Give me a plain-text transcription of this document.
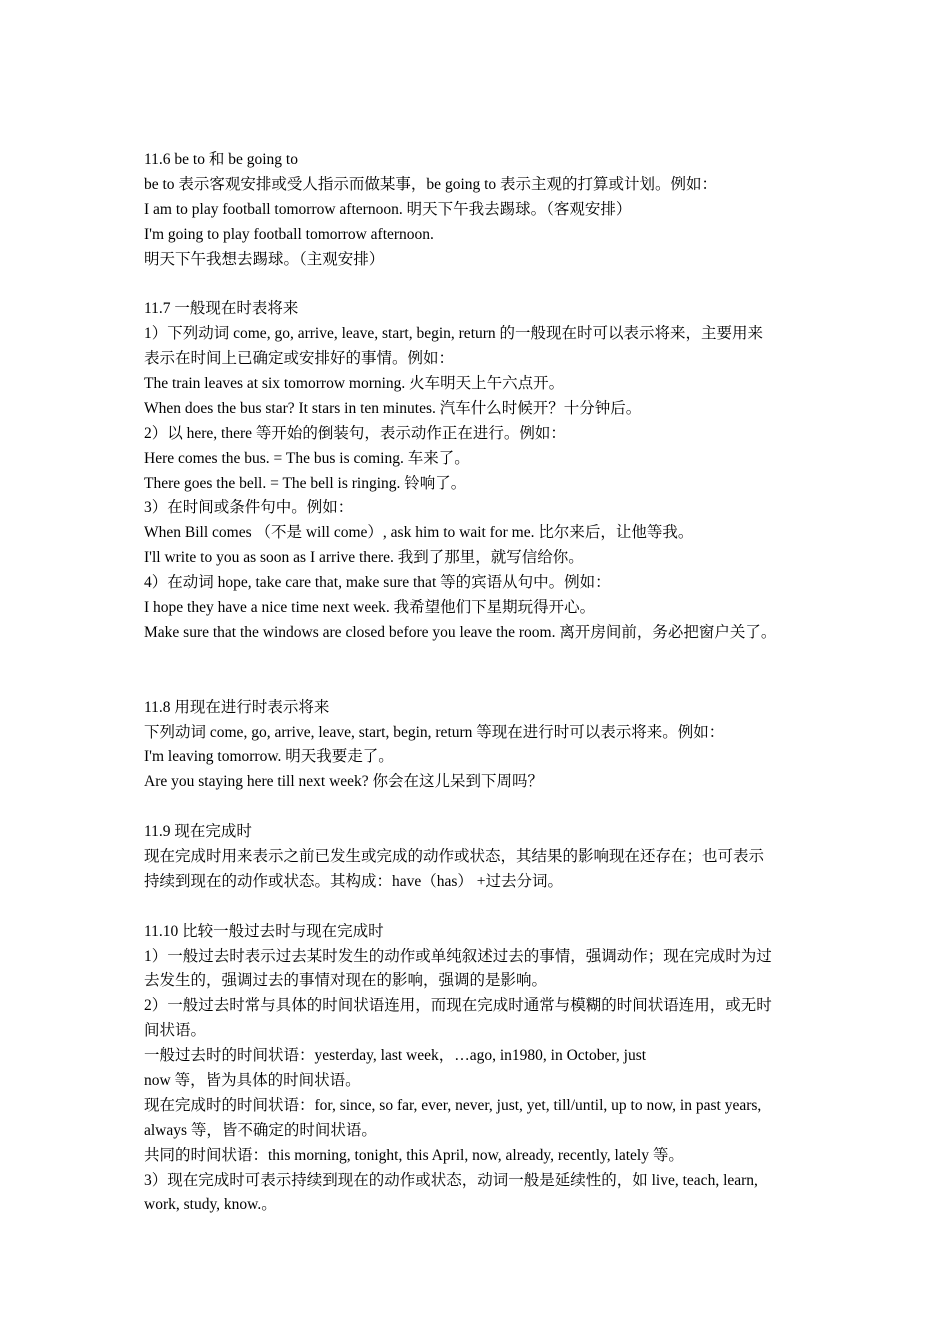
11.6 be to 和 be going to
be to 表示客观安排或受人指示而做某事，be going to 表示主观的打算或计划。例如：
I am to play football tomorrow afternoon. 明天下午我去踢球。（客观安排）
I'm going to play football tomorrow afternoon.
明天下午我想去踢球。（主观安排）
11.7 一般现在时表将来
1）下列动词 come, go, arrive, leave, start, begin, return 的一般现在时可以表示将来，主要用来
表示在时间上已确定或安排好的事情。例如：
The train leaves at six tomorrow morning. 火车明天上午六点开。
When does the bus star? It stars in ten minutes. 汽车什么时候开？十分钟后。
2）以 here, there 等开始的倒装句，表示动作正在进行。例如：
Here comes the bus. = The bus is coming. 车来了。
There goes the bell. = The bell is ringing. 铃响了。
3）在时间或条件句中。例如：
When Bill comes （不是 will come）, ask him to wait for me. 比尔来后，让他等我。
I'll write to you as soon as I arrive there. 我到了那里，就写信给你。
4）在动词 hope, take care that, make sure that 等的宾语从句中。例如：
I hope they have a nice time next week. 我希望他们下星期玩得开心。
Make sure that the windows are closed before you leave the room. 离开房间前，务必把窗户关了。
11.8 用现在进行时表示将来
下列动词 come, go, arrive, leave, start, begin, return 等现在进行时可以表示将来。例如：
I'm leaving tomorrow. 明天我要走了。
Are you staying here till next week? 你会在这儿呆到下周吗？
11.9 现在完成时
现在完成时用来表示之前已发生或完成的动作或状态，其结果的影响现在还存在；也可表示
持续到现在的动作或状态。其构成：have（has） +过去分词。
11.10 比较一般过去时与现在完成时
1）一般过去时表示过去某时发生的动作或单纯叙述过去的事情，强调动作；现在完成时为过
去发生的，强调过去的事情对现在的影响，强调的是影响。
2）一般过去时常与具体的时间状语连用，而现在完成时通常与模糊的时间状语连用，或无时
间状语。
一般过去时的时间状语：yesterday, last week，…ago, in1980, in October, just
now 等，皆为具体的时间状语。
现在完成时的时间状语：for, since, so far, ever, never, just, yet, till/until, up to now, in past years,
always 等，皆不确定的时间状语。
共同的时间状语：this morning, tonight, this April, now, already, recently, lately 等。
3）现在完成时可表示持续到现在的动作或状态，动词一般是延续性的，如 live, teach, learn,
work, study, know.。
